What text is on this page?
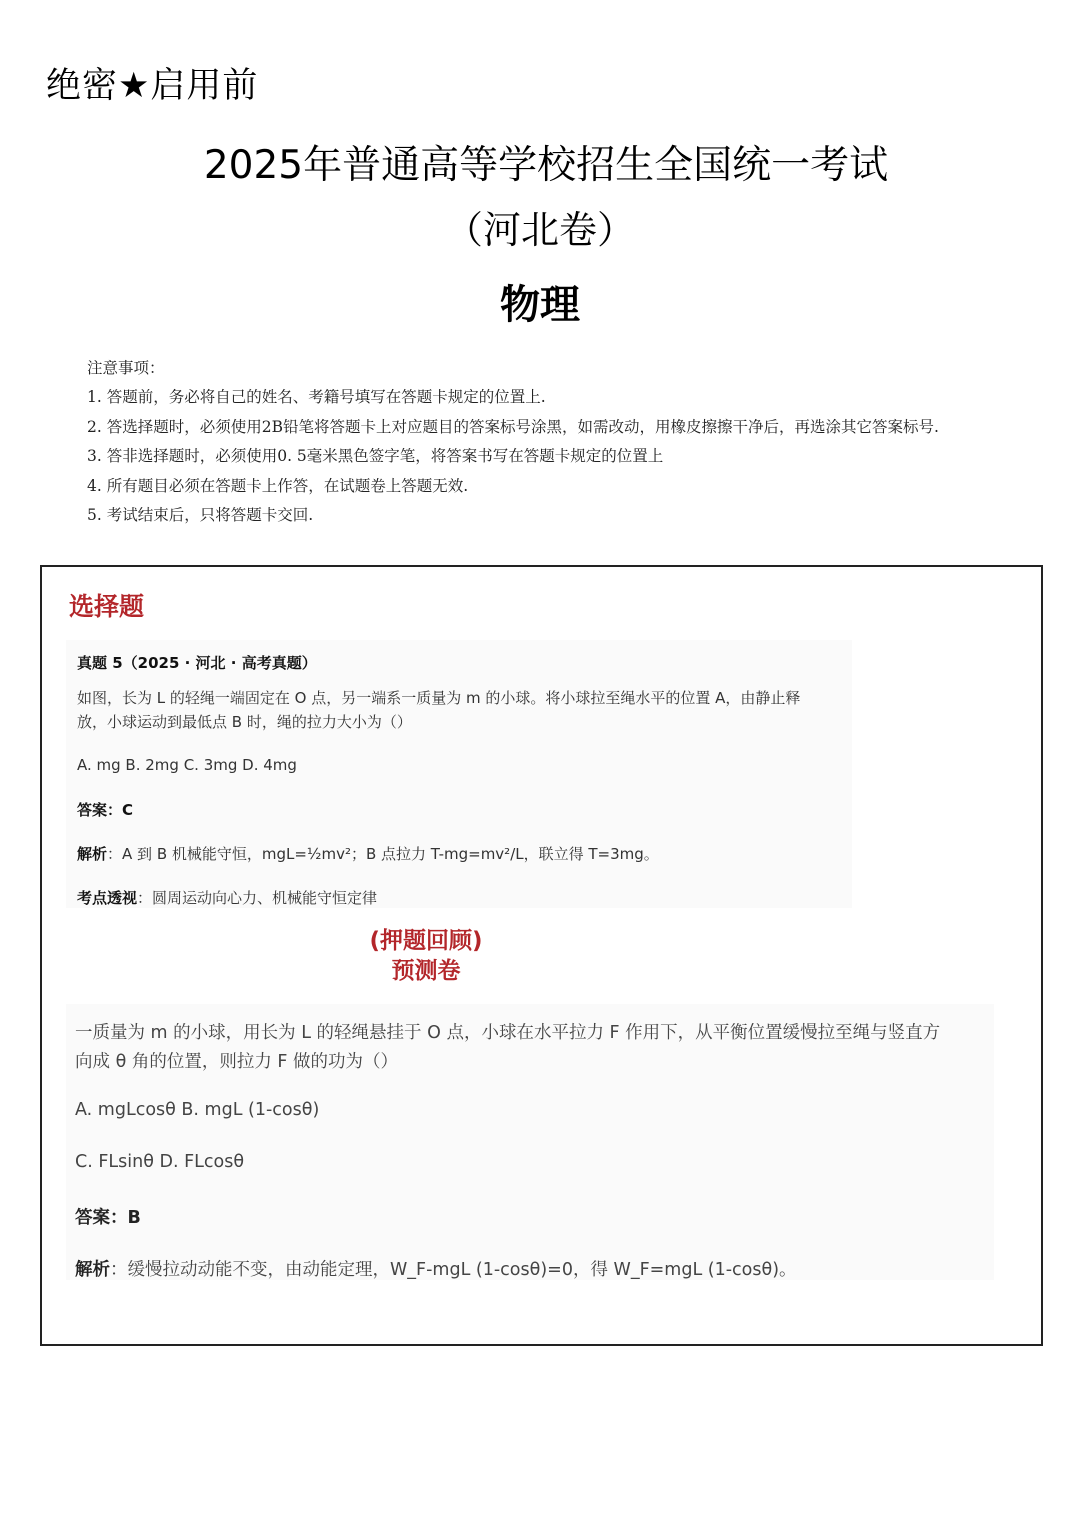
绝密★启用前
2025年普通高等学校招生全国统一考试
（河北卷）
物理
注意事项：
1. 答题前，务必将自己的姓名、考籍号填写在答题卡规定的位置上.
2. 答选择题时，必须使用2B铅笔将答题卡上对应题目的答案标号涂黑，如需改动，用橡皮擦擦干净后，再选涂其它答案标号.
3. 答非选择题时，必须使用0. 5毫米黑色签字笔，将答案书写在答题卡规定的位置上
4. 所有题目必须在答题卡上作答，在试题卷上答题无效.
5. 考试结束后，只将答题卡交回.
选择题
真题 5（2025 · 河北 · 高考真题）
如图，长为 L 的轻绳一端固定在 O 点，另一端系一质量为 m 的小球。将小球拉至绳水平的位置 A，由静止释
放，小球运动到最低点 B 时，绳的拉力大小为（）
A. mg B. 2mg C. 3mg D. 4mg
答案：C
解析：A 到 B 机械能守恒，mgL=½mv²；B 点拉力 T-mg=mv²/L，联立得 T=3mg。
考点透视：圆周运动向心力、机械能守恒定律
(押题回顾)
预测卷
一质量为 m 的小球，用长为 L 的轻绳悬挂于 O 点，小球在水平拉力 F 作用下，从平衡位置缓慢拉至绳与竖直方
向成 θ 角的位置，则拉力 F 做的功为（）
A. mgLcosθ B. mgL (1-cosθ)
C. FLsinθ D. FLcosθ
答案：B
解析：缓慢拉动动能不变，由动能定理，W_F-mgL (1-cosθ)=0，得 W_F=mgL (1-cosθ)。
